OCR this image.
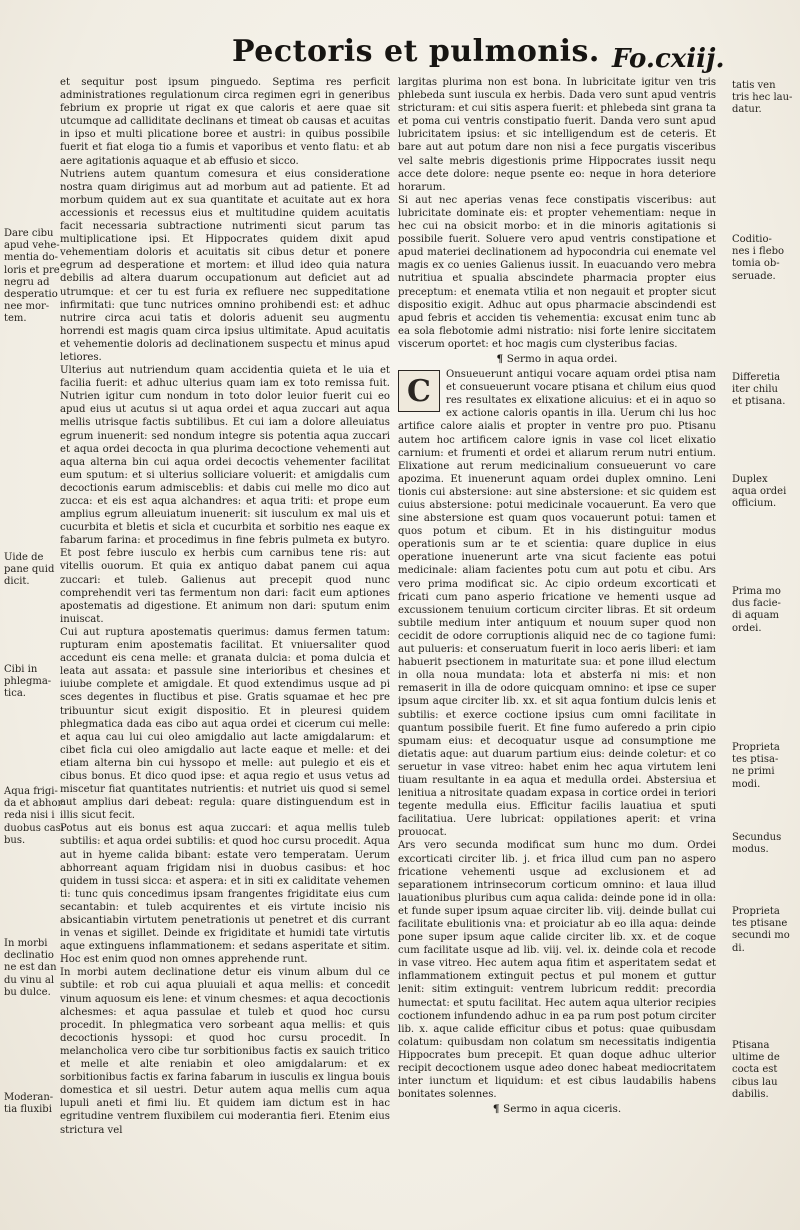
Pectoris et pulmonis. Fo.cxiij.

et sequitur post ipsum pinguedo. Septima res perficit administrationes regulationum circa regimen egri in generibus febrium ex proprie ut rigat ex que caloris et aere quae sit utcumque ad calliditate declinans et timeat ob causas et acuitas in ipso et multi plicatione boree et austri: in quibus possibile fuerit et fiat eloga tio a fumis et vaporibus et vento flatu: et ab aere agitationis aquaque et ab effusio et sicco.

Nutriens autem quantum comesura et eius consideratione nostra quam dirigimus aut ad morbum aut ad patiente. Et ad morbum quidem aut ex sua quantitate et acuitate aut ex hora accessionis et recessus eius et multitudine quidem acuitatis facit necessaria subtractione nutrimenti sicut parum tas multiplicatione ipsi. Et Hippocrates quidem dixit apud vehementiam doloris et acuitatis sit cibus detur et ponere egrum ad desperatione et mortem: et illud ideo quia natura debilis ad altera duarum occupationum aut deficiet aut ad utrumque: et cer tu est furia ex refluere nec suppeditatione infirmitati: que tunc nutrices omnino prohibendi est: et adhuc nutrire circa acui tatis et doloris aduenit seu augmentu horrendi est magis quam circa ipsius ultimitate. Apud acuitatis et vehementie doloris ad declinationem suspectu et minus apud letiores.

Ulterius aut nutriendum quam accidentia quieta et le uia et facilia fuerit: et adhuc ulterius quam iam ex toto remissa fuit. Nutrien igitur cum nondum in toto dolor leuior fuerit cui eo apud eius ut acutus si ut aqua ordei et aqua zuccari aut aqua mellis utrisque factis subtilibus. Et cui iam a dolore alleuiatus egrum inuenerit: sed nondum integre sis potentia aqua zuccari et aqua ordei decocta in qua plurima decoctione vehementi aut aqua alterna bin cui aqua ordei decoctis vehementer facilitat eum sputum: et si ulterius solliciare voluerit: et amigdalis cum decoctionis earum admisceblis: et dabis cui melle mo dico aut zucca: et eis est aqua alchandres: et aqua triti: et prope eum amplius egrum alleuiatum inuenerit: sit iusculum ex mal uis et cucurbita et bletis et sicla et cucurbita et sorbitio nes eaque ex fabarum farina: et procedimus in fine febris pulmeta ex butyro. Et post febre iusculo ex herbis cum carnibus tene ris: aut vitellis ouorum. Et quia ex antiquo dabat panem cui aqua zuccari: et tuleb. Galienus aut precepit quod nunc comprehendit veri tas fermentum non dari: facit eum aptiones apostematis ad digestione. Et animum non dari: sputum enim inuiscat.

Cui aut ruptura apostematis querimus: damus fermen tatum: rupturam enim apostematis facilitat. Et vniuersaliter quod accedunt eis cena melle: et granata dulcia: et poma dulcia et leata aut assata: et passule sine interioribus et chesines et iuiube complete et amigdale. Et quod extendimus usque ad pi sces degentes in fluctibus et pise. Gratis squamae et hec pre tribuuntur sicut exigit dispositio. Et in pleuresi quidem phlegmatica dada eas cibo aut aqua ordei et cicerum cui melle: et aqua cau lui cui oleo amigdalio aut lacte amigdalarum: et cibet ficla cui oleo amigdalio aut lacte eaque et melle: et dei etiam alterna bin cui hyssopo et melle: aut pulegio et eis et cibus bonus. Et dico quod ipse: et aqua regio et usus vetus ad miscetur fiat quantitates nutrientis: et nutriet uis quod si semel aut amplius dari debeat: regula: quare distinguendum est in illis sicut fecit.

Potus aut eis bonus est aqua zuccari: et aqua mellis tuleb subtilis: et aqua ordei subtilis: et quod hoc cursu procedit. Aqua aut in hyeme calida bibant: estate vero temperatam. Uerum abhorreant aquam frigidam nisi in duobus casibus: et hoc quidem in tussi sicca: et aspera: et in siti ex caliditate vehemen ti: tunc quis concedimus ipsam frangentes frigiditate eius cum secantabin: et tuleb acquirentes et eis virtute incisio nis absicantiabin virtutem penetrationis ut penetret et dis currant in venas et sigillet. Deinde ex frigiditate et humidi tate virtutis aque extinguens inflammationem: et sedans asperitate et sitim. Hoc est enim quod non omnes apprehende runt.

In morbi autem declinatione detur eis vinum album dul ce subtile: et rob cui aqua pluuiali et aqua mellis: et concedit vinum aquosum eis lene: et vinum chesmes: et aqua decoctionis alchesmes: et aqua passulae et tuleb et quod hoc cursu procedit. In phlegmatica vero sorbeant aqua mellis: et quis decoctionis hyssopi: et quod hoc cursu procedit. In melancholica vero cibe tur sorbitionibus factis ex sauich tritico et melle et alte reniabin et oleo amigdalarum: et ex sorbitionibus factis ex farina fabarum in iusculis ex lingua bouis domestica et sil uestri. Detur autem aqua mellis cum aqua lupuli aneti et fimi liu. Et quidem iam dictum est in hac egritudine ventrem fluxibilem cui moderantia fieri. Etenim eius strictura vel

largitas plurima non est bona. In lubricitate igitur ven tris phlebeda sunt iuscula ex herbis. Dada vero sunt apud ventris stricturam: et cui sitis aspera fuerit: et phlebeda sint grana ta et poma cui ventris constipatio fuerit. Danda vero sunt apud lubricitatem ipsius: et sic intelligendum est de ceteris. Et bare aut aut potum dare non nisi a fece purgatis visceribus vel salte mebris digestionis prime Hippocrates iussit nequ acce dete dolore: neque psente eo: neque in hora deteriore horarum.

Si aut nec aperias venas fece constipatis visceribus: aut lubricitate dominate eis: et propter vehementiam: neque in hec cui na obsicit morbo: et in die minoris agitationis si possibile fuerit. Soluere vero apud ventris constipatione et apud materiei declinationem ad hypocondria cui enemate vel magis ex co uenies Galienus iussit. In euacuando vero mebra nutritiua et spualia abscindete pharmacia propter eius preceptum: et enemata vtilia et non negauit et propter sicut dispositio exigit. Adhuc aut opus pharmacie abscindendi est apud febris et acciden tis vehementia: excusat enim tunc ab ea sola flebotomie admi nistratio: nisi forte lenire siccitatem viscerum oportet: et hoc magis cum clysteribus facias.

¶ Sermo in aqua ordei.

C	Onsueuerunt antiqui vocare aquam ordei ptisa nam et consueuerunt vocare ptisana et chilum eius quod res resultates ex elixatione alicuius: et ei in aquo so ex actione caloris opantis in illa. Uerum chi lus hoc artifice calore aialis et propter in ventre pro puo. Ptisanu autem hoc artificem calore ignis in vase col licet elixatio carnium: et frumenti et ordei et aliarum rerum nutri entium. Elixatione aut rerum medicinalium consueuerunt vo care apozima. Et inuenerunt aquam ordei duplex omnino. Leni tionis cui abstersione: aut sine abstersione: et sic quidem est cuius abstersione: potui medicinale vocauerunt. Ea vero que sine abstersione est quam quos vocauerunt potui: tamen et quos potum et cibum. Et in his distinguitur modus operationis sum ar te et scientia: quare duplice in eius operatione inuenerunt arte vna sicut faciente eas potui medicinale: aliam facientes potu cum aut potu et cibu. Ars vero prima modificat sic. Ac cipio ordeum excorticati et fricati cum pano asperio fricatione ve hementi usque ad excussionem tenuium corticum circiter libras. Et sit ordeum subtile medium inter antiquum et nouum super quod non cecidit de odore corruptionis aliquid nec de co tagione fumi: aut pulueris: et conseruatum fuerit in loco aeris liberi: et iam habuerit psectionem in maturitate sua: et pone illud electum in olla noua mundata: lota et absterfa ni mis: et non remaserit in illa de odore quicquam omnino: et ipse ce super ipsum aque circiter lib. xx. et sit aqua fontium dulcis lenis et subtilis: et exerce coctione ipsius cum omni facilitate in quantum possibile fuerit. Et fine fumo auferedo a prin cipio spumam eius: et decoquatur usque ad consumptione me dietatis aque: aut duarum partium eius: deinde coletur: et co seruetur in vase vitreo: habet enim hec aqua virtutem leni tiuam resultante in ea aqua et medulla ordei. Abstersiua et lenitiua a nitrositate quadam expasa in cortice ordei in teriori tegente medulla eius. Efficitur facilis lauatiua et sputi facilitatiua. Uere lubricat: oppilationes aperit: et vrina prouocat.

Ars vero secunda modificat sum hunc mo dum. Ordei excorticati circiter lib. j. et frica illud cum pan no aspero fricatione vehementi usque ad exclusionem et ad separationem intrinsecorum corticum omnino: et laua illud lauationibus pluribus cum aqua calida: deinde pone id in olla: et funde super ipsum aquae circiter lib. viij. deinde bullat cui facilitate ebulitionis vna: et proiciatur ab eo illa aqua: deinde pone super ipsum aque calide circiter lib. xx. et de coque cum facilitate usque ad lib. viij. vel. ix. deinde cola et recode in vase vitreo. Hec autem aqua fitim et asperitatem sedat et inflammationem extinguit pectus et pul monem et guttur lenit: sitim extinguit: ventrem lubricum reddit: precordia humectat: et sputu facilitat. Hec autem aqua ulterior recipies coctionem infundendo adhuc in ea pa rum post potum circiter lib. x. aque calide efficitur cibus et potus: quae quibusdam colatum: quibusdam non colatum sm necessitatis indigentia Hippocrates bum precepit. Et quan doque adhuc ulterior recipit decoctionem usque adeo donec habeat mediocritatem inter iunctum et liquidum: et est cibus laudabilis habens bonitates solennes.

¶ Sermo in aqua ciceris.

Dare cibu
apud vehe-
mentia do-
loris et pre
negru ad
desperatio
nee mor-
tem.
Uide de
pane quid
dicit.
Cibi in
phlegma-
tica.
Aqua frigi-
da et abhor
reda nisi i
duobus casi
bus.
In morbi
declinatio
ne est dan
du vinu al
bu dulce.
Moderan-
tia fluxibi
tatis ven
tris hec lau-
datur.
Coditio-
nes i flebo
tomia ob-
seruade.
Differetia
iter chilu
et ptisana.
Duplex
aqua ordei
officium.
Prima mo
dus facie-
di aquam
ordei.
Proprieta
tes ptisa-
ne primi
modi.
Secundus
modus.
Proprieta
tes ptisane
secundi mo
di.
Ptisana
ultime de
cocta est
cibus lau
dabilis.
